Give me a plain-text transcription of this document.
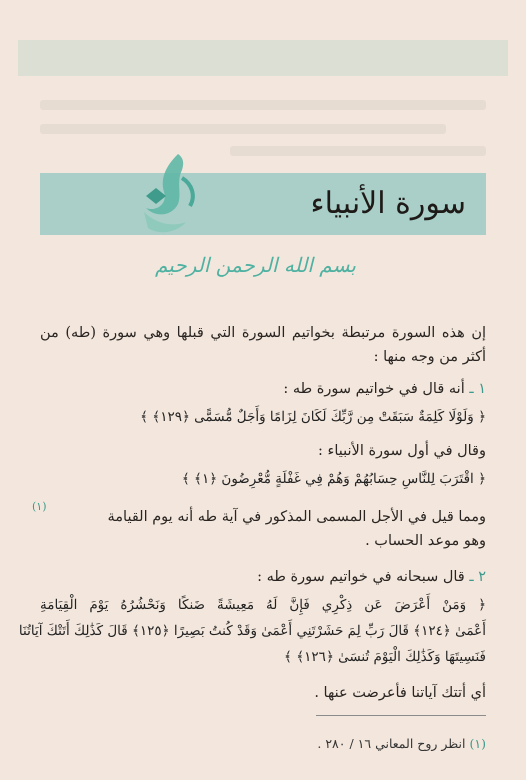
سورة الأنبياء
بسم الله الرحمن الرحيم
إن هذه السورة مرتبطة بخواتيم السورة التي قبلها وهي سورة (طه) من
أكثر من وجه منها :
١ ـ أنه قال في خواتيم سورة طه :
﴿ وَلَوْلَا كَلِمَةٌ سَبَقَتْ مِن رَّبِّكَ لَكَانَ لِزَامًا وَأَجَلٌ مُّسَمًّى ﴿١٢٩﴾ ﴾
وقال في أول سورة الأنبياء :
﴿ اقْتَرَبَ لِلنَّاسِ حِسَابُهُمْ وَهُمْ فِي غَفْلَةٍ مُّعْرِضُونَ ﴿١﴾ ﴾
ومما قيل في الأجل المسمى المذكور في آية طه أنه يوم القيامة
(١)
وهو موعد الحساب .
٢ ـ قال سبحانه في خواتيم سورة طه :
﴿ وَمَنْ أَعْرَضَ عَن ذِكْرِي فَإِنَّ لَهُ مَعِيشَةً ضَنكًا وَنَحْشُرُهُ يَوْمَ الْقِيَامَةِ
أَعْمَىٰ ﴿١٢٤﴾ قَالَ رَبِّ لِمَ حَشَرْتَنِي أَعْمَىٰ وَقَدْ كُنتُ بَصِيرًا ﴿١٢٥﴾ قَالَ كَذَٰلِكَ أَتَتْكَ آيَاتُنَا
فَنَسِيتَهَا وَكَذَٰلِكَ الْيَوْمَ تُنسَىٰ ﴿١٢٦﴾ ﴾
أي أتتك آياتنا فأعرضت عنها .
(١) انظر روح المعاني ١٦ / ٢٨٠ .
